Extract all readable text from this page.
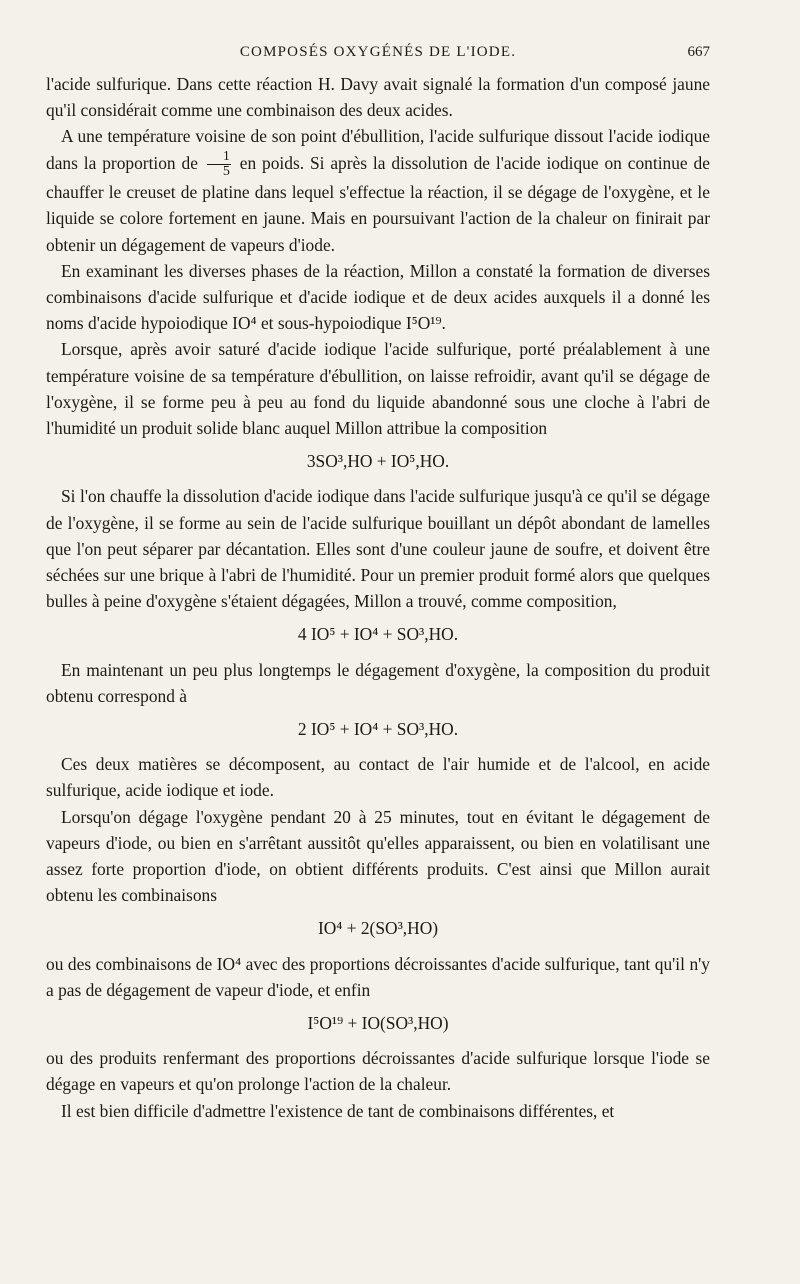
COMPOSÉS OXYGÉNÉS DE L'IODE.	667

l'acide sulfurique. Dans cette réaction H. Davy avait signalé la formation d'un composé jaune qu'il considérait comme une combinaison des deux acides.

A une température voisine de son point d'ébullition, l'acide sulfurique dissout l'acide iodique dans la proportion de $\frac{1}{5}$ en poids. Si après la dissolution de l'acide iodique on continue de chauffer le creuset de platine dans lequel s'effectue la réaction, il se dégage de l'oxygène, et le liquide se colore fortement en jaune. Mais en poursuivant l'action de la chaleur on finirait par obtenir un dégagement de vapeurs d'iode.

En examinant les diverses phases de la réaction, Millon a constaté la formation de diverses combinaisons d'acide sulfurique et d'acide iodique et de deux acides auxquels il a donné les noms d'acide hypoiodique IO⁴ et sous-hypoiodique I⁵O¹⁹.

Lorsque, après avoir saturé d'acide iodique l'acide sulfurique, porté préalablement à une température voisine de sa température d'ébullition, on laisse refroidir, avant qu'il se dégage de l'oxygène, il se forme peu à peu au fond du liquide abandonné sous une cloche à l'abri de l'humidité un produit solide blanc auquel Millon attribue la composition

3SO³,HO + IO⁵,HO.

Si l'on chauffe la dissolution d'acide iodique dans l'acide sulfurique jusqu'à ce qu'il se dégage de l'oxygène, il se forme au sein de l'acide sulfurique bouillant un dépôt abondant de lamelles que l'on peut séparer par décantation. Elles sont d'une couleur jaune de soufre, et doivent être séchées sur une brique à l'abri de l'humidité. Pour un premier produit formé alors que quelques bulles à peine d'oxygène s'étaient dégagées, Millon a trouvé, comme composition,

4 IO⁵ + IO⁴ + SO³,HO.

En maintenant un peu plus longtemps le dégagement d'oxygène, la composition du produit obtenu correspond à

2 IO⁵ + IO⁴ + SO³,HO.

Ces deux matières se décomposent, au contact de l'air humide et de l'alcool, en acide sulfurique, acide iodique et iode.

Lorsqu'on dégage l'oxygène pendant 20 à 25 minutes, tout en évitant le dégagement de vapeurs d'iode, ou bien en s'arrêtant aussitôt qu'elles apparaissent, ou bien en volatilisant une assez forte proportion d'iode, on obtient différents produits. C'est ainsi que Millon aurait obtenu les combinaisons

IO⁴ + 2(SO³,HO)

ou des combinaisons de IO⁴ avec des proportions décroissantes d'acide sulfurique, tant qu'il n'y a pas de dégagement de vapeur d'iode, et enfin

I⁵O¹⁹ + IO(SO³,HO)

ou des produits renfermant des proportions décroissantes d'acide sulfurique lorsque l'iode se dégage en vapeurs et qu'on prolonge l'action de la chaleur.

Il est bien difficile d'admettre l'existence de tant de combinaisons différentes, et
